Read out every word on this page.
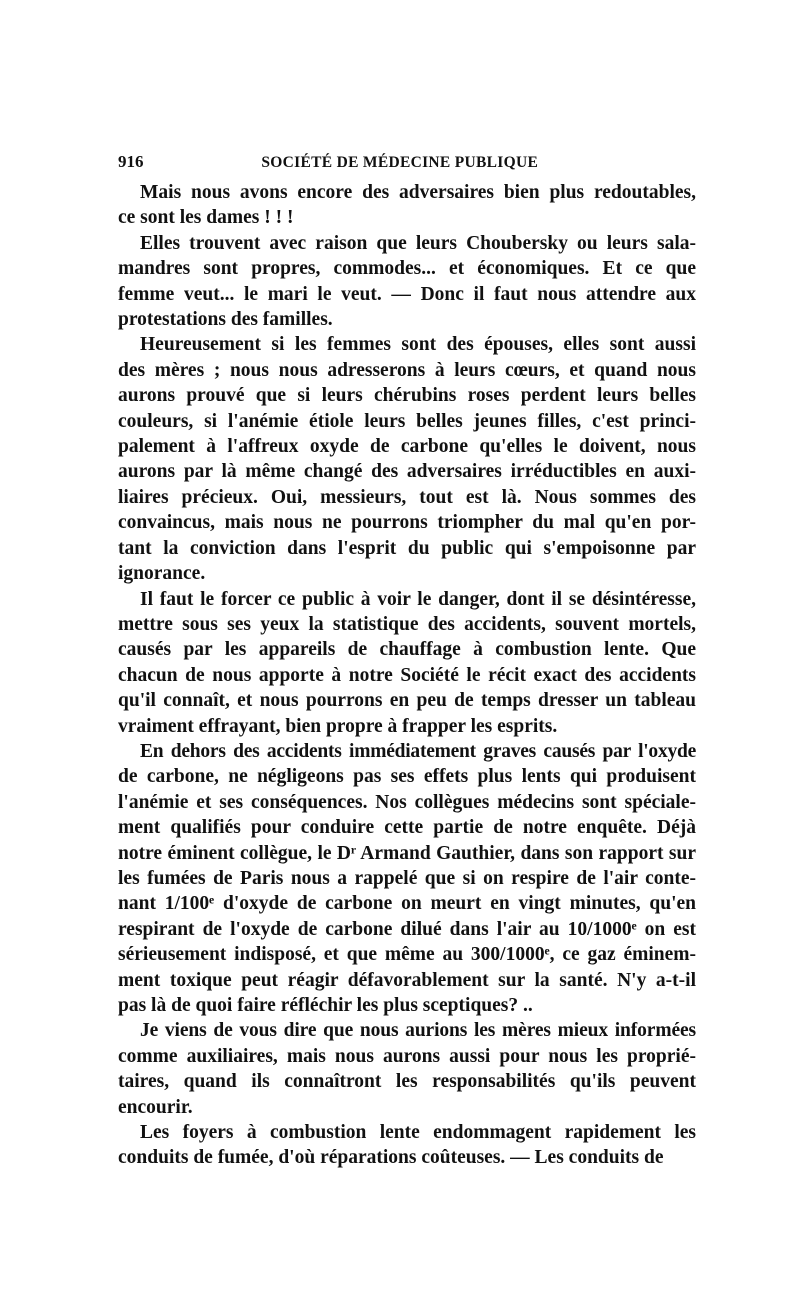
916	SOCIÉTÉ DE MÉDECINE PUBLIQUE

Mais nous avons encore des adversaires bien plus redoutables,
ce sont les dames ! ! !

Elles trouvent avec raison que leurs Choubersky ou leurs sala-
mandres sont propres, commodes... et économiques. Et ce que
femme veut... le mari le veut. — Donc il faut nous attendre aux
protestations des familles.

Heureusement si les femmes sont des épouses, elles sont aussi
des mères ; nous nous adresserons à leurs cœurs, et quand nous
aurons prouvé que si leurs chérubins roses perdent leurs belles
couleurs, si l'anémie étiole leurs belles jeunes filles, c'est princi-
palement à l'affreux oxyde de carbone qu'elles le doivent, nous
aurons par là même changé des adversaires irréductibles en auxi-
liaires précieux. Oui, messieurs, tout est là. Nous sommes des
convaincus, mais nous ne pourrons triompher du mal qu'en por-
tant la conviction dans l'esprit du public qui s'empoisonne par
ignorance.

Il faut le forcer ce public à voir le danger, dont il se désintéresse,
mettre sous ses yeux la statistique des accidents, souvent mortels,
causés par les appareils de chauffage à combustion lente. Que
chacun de nous apporte à notre Société le récit exact des accidents
qu'il connaît, et nous pourrons en peu de temps dresser un tableau
vraiment effrayant, bien propre à frapper les esprits.

En dehors des accidents immédiatement graves causés par l'oxyde
de carbone, ne négligeons pas ses effets plus lents qui produisent
l'anémie et ses conséquences. Nos collègues médecins sont spéciale-
ment qualifiés pour conduire cette partie de notre enquête. Déjà
notre éminent collègue, le Dʳ Armand Gauthier, dans son rapport sur
les fumées de Paris nous a rappelé que si on respire de l'air conte-
nant 1/100ᵉ d'oxyde de carbone on meurt en vingt minutes, qu'en
respirant de l'oxyde de carbone dilué dans l'air au 10/1000ᵉ on est
sérieusement indisposé, et que même au 300/1000ᵉ, ce gaz éminem-
ment toxique peut réagir défavorablement sur la santé. N'y a-t-il
pas là de quoi faire réfléchir les plus sceptiques? ..

Je viens de vous dire que nous aurions les mères mieux informées
comme auxiliaires, mais nous aurons aussi pour nous les proprié-
taires, quand ils connaîtront les responsabilités qu'ils peuvent
encourir.

Les foyers à combustion lente endommagent rapidement les
conduits de fumée, d'où réparations coûteuses. — Les conduits de
